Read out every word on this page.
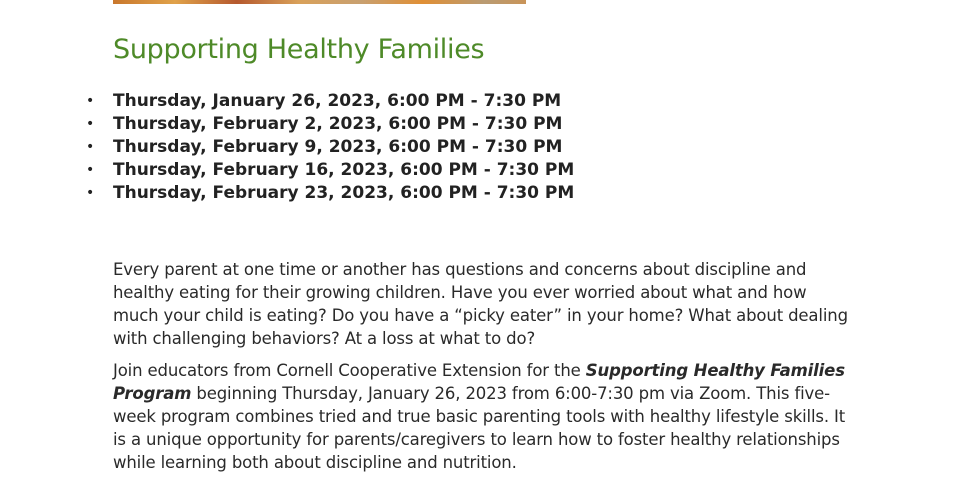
Supporting Healthy Families
• Thursday, January 26, 2023, 6:00 PM - 7:30 PM
• Thursday, February 2, 2023, 6:00 PM - 7:30 PM
• Thursday, February 9, 2023, 6:00 PM - 7:30 PM
• Thursday, February 16, 2023, 6:00 PM - 7:30 PM
• Thursday, February 23, 2023, 6:00 PM - 7:30 PM

Every parent at one time or another has questions and concerns about discipline and healthy eating for their growing children. Have you ever worried about what and how much your child is eating? Do you have a “picky eater” in your home? What about dealing with challenging behaviors? At a loss at what to do?

Join educators from Cornell Cooperative Extension for the Supporting Healthy Families Program beginning Thursday, January 26, 2023 from 6:00-7:30 pm via Zoom. This five-week program combines tried and true basic parenting tools with healthy lifestyle skills. It is a unique opportunity for parents/caregivers to learn how to foster healthy relationships while learning both about discipline and nutrition.
